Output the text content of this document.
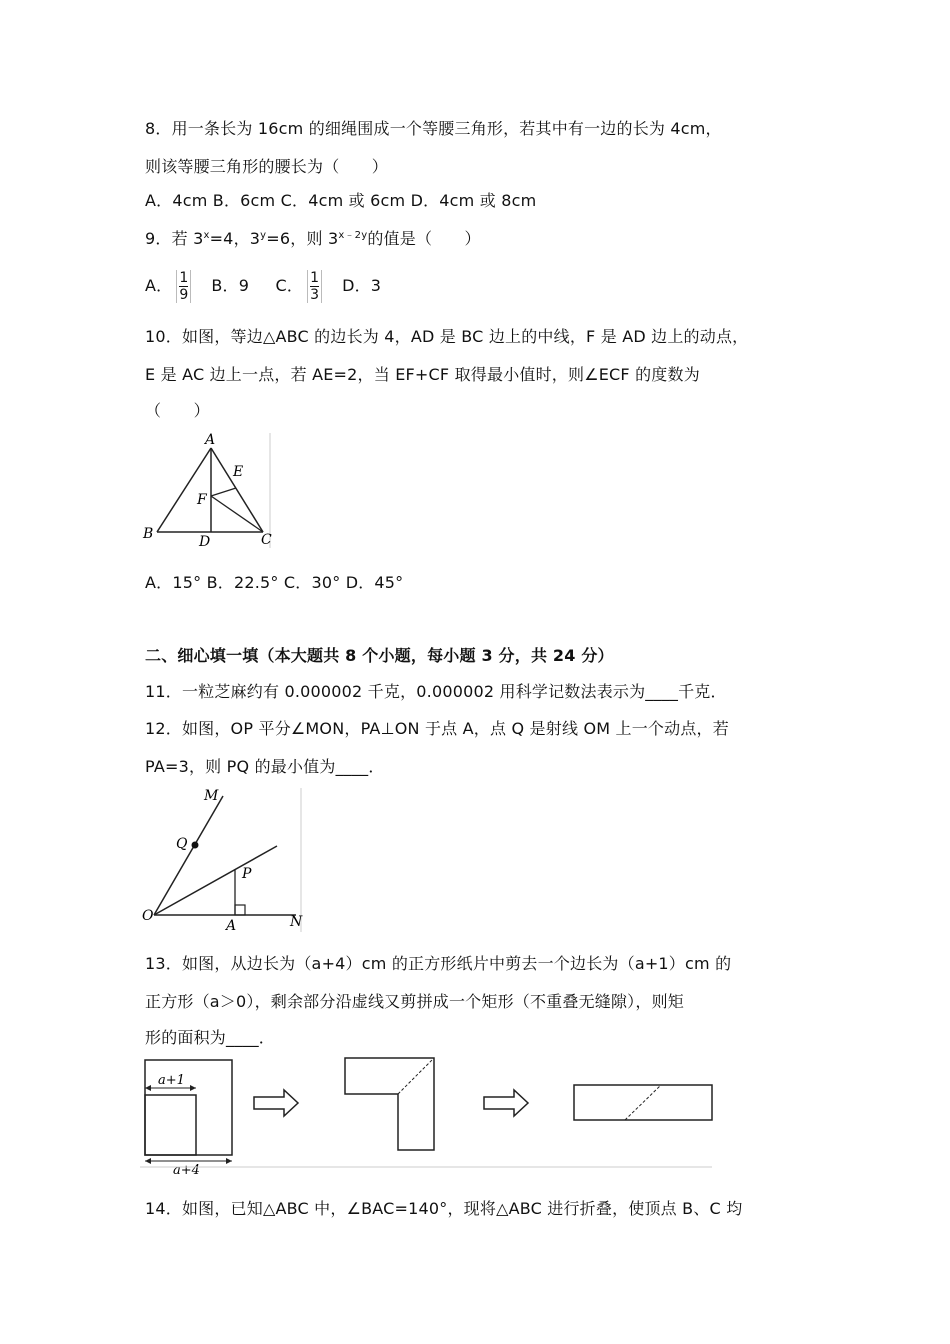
8．用一条长为 16cm 的细绳围成一个等腰三角形，若其中有一边的长为 4cm，
则该等腰三角形的腰长为（　　）
A．4cm B．6cm C．4cm 或 6cm D．4cm 或 8cm
9．若 $3^x=4$，$3^y=6$，则 $3^{x﹣2y}$的值是（　　）
A． $\frac{1}{9}$ B．9 C． $\frac{1}{3}$ D．3
10．如图，等边△ABC 的边长为 4，AD 是 BC 边上的中线，F 是 AD 边上的动点，
E 是 AC 边上一点，若 AE=2，当 EF+CF 取得最小值时，则∠ECF 的度数为
（　　）
A
E
F
B	D	C
A．15° B．22.5° C．30° D．45°
二、细心填一填（本大题共 8 个小题，每小题 3 分，共 24 分）
11．一粒芝麻约有 0.000002 千克，0.000002 用科学记数法表示为____千克．
12．如图，OP 平分∠MON，PA⊥ON 于点 A，点 Q 是射线 OM 上一个动点，若
PA=3，则 PQ 的最小值为____．
M
Q
P
O
A	N
13．如图，从边长为（a+4）cm 的正方形纸片中剪去一个边长为（a+1）cm 的
正方形（a＞0），剩余部分沿虚线又剪拼成一个矩形（不重叠无缝隙），则矩
形的面积为____．
a+1
a+4
14．如图，已知△ABC 中，∠BAC=140°，现将△ABC 进行折叠，使顶点 B、C 均
